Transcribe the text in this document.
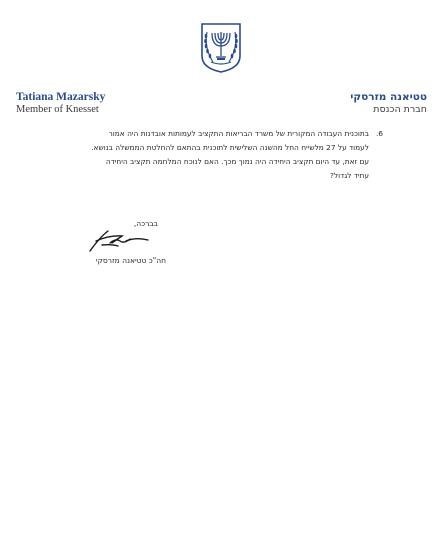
Tatiana Mazarsky
Member of Knesset
טטיאנה מזרסקי
חברת הכנסת
6.
בתוכנית העבודה המקורית של משרד הבריאות התקציב לעמותות אובדנות היה אמור
לעמוד על 27 מלשייח החל מהשנה השלישית לתוכנית בהתאם להחלטת הממשלה בנושא.
עם זאת, עד היום תקציב היחידה היה נמוך מכך. האם לנוכח המלחמה תקציב היחידה
עתיד לגדול?
בברכה,
חה"כ טטיאנה מזרסקי
